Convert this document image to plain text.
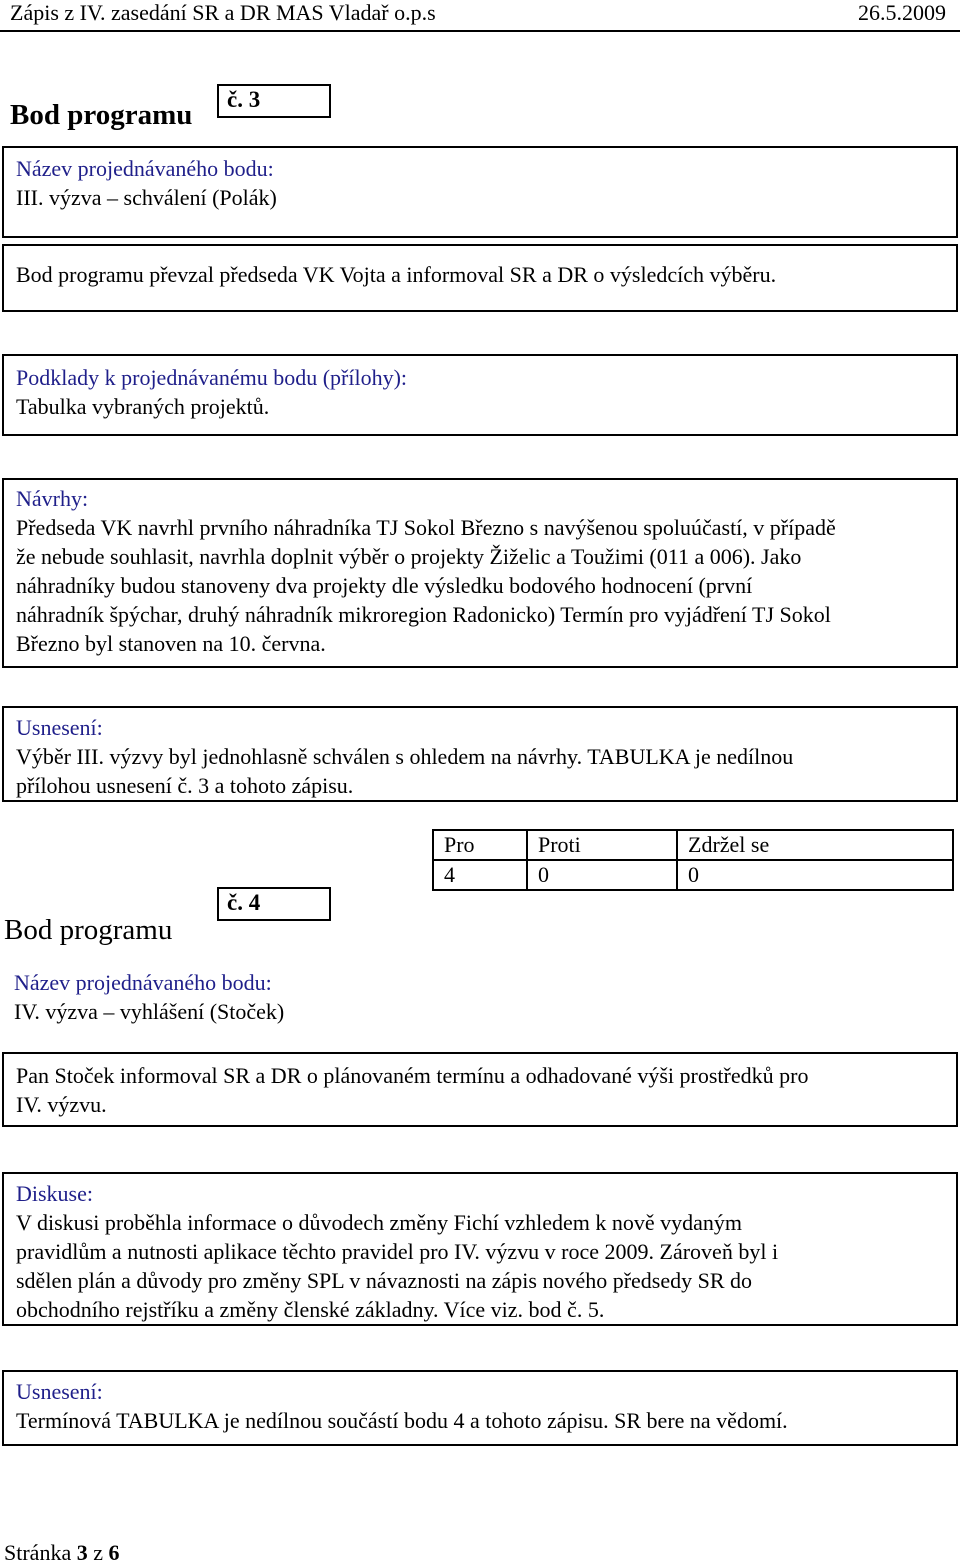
Zápis z IV. zasedání SR a DR MAS Vladař o.p.s	26.5.2009
Bod programu	č. 3
Název projednávaného bodu:
III. výzva – schválení (Polák)
Bod programu převzal předseda VK Vojta a informoval SR a DR o výsledcích výběru.
Podklady k projednávanému bodu (přílohy):
Tabulka vybraných projektů.
Návrhy:
Předseda VK navrhl prvního náhradníka TJ Sokol Březno s navýšenou spoluúčastí, v případě
že nebude souhlasit, navrhla doplnit výběr o projekty Žiželic a Toužimi (011 a 006). Jako
náhradníky budou stanoveny dva projekty dle výsledku bodového hodnocení (první
náhradník špýchar, druhý náhradník mikroregion Radonicko) Termín pro vyjádření TJ Sokol
Březno byl stanoven na 10. června.
Usnesení:
Výběr III. výzvy byl jednohlasně schválen s ohledem na návrhy. TABULKA je nedílnou
přílohou usnesení č. 3 a tohoto zápisu.
Pro	Proti	Zdržel se
4	0	0
Bod programu
č. 4
Název projednávaného bodu:
IV. výzva – vyhlášení (Stoček)
Pan Stoček informoval SR a DR o plánovaném termínu a odhadované výši prostředků pro
IV. výzvu.
Diskuse:
V diskusi proběhla informace o důvodech změny Fichí vzhledem k nově vydaným
pravidlům a nutnosti aplikace těchto pravidel pro IV. výzvu v roce 2009. Zároveň byl i
sdělen plán a důvody pro změny SPL v návaznosti na zápis nového předsedy SR do
obchodního rejstříku a změny členské základny. Více viz. bod č. 5.
Usnesení:
Termínová TABULKA je nedílnou součástí bodu 4 a tohoto zápisu. SR bere na vědomí.
Stránka 3 z 6
